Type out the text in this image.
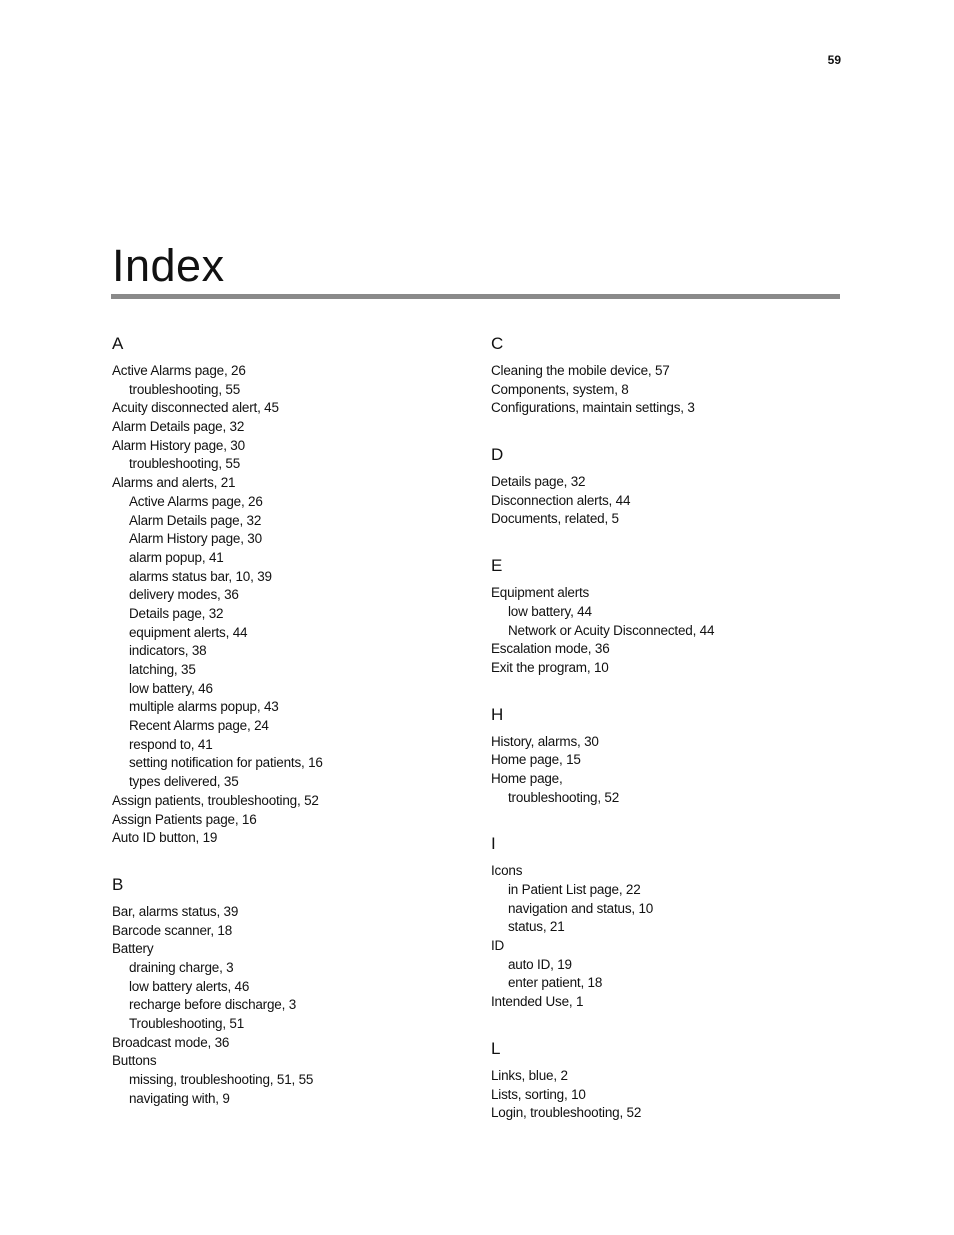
59
Index
A
Active Alarms page, 26
troubleshooting, 55
Acuity disconnected alert, 45
Alarm Details page, 32
Alarm History page, 30
troubleshooting, 55
Alarms and alerts, 21
Active Alarms page, 26
Alarm Details page, 32
Alarm History page, 30
alarm popup, 41
alarms status bar, 10, 39
delivery modes, 36
Details page, 32
equipment alerts, 44
indicators, 38
latching, 35
low battery, 46
multiple alarms popup, 43
Recent Alarms page, 24
respond to, 41
setting notification for patients, 16
types delivered, 35
Assign patients, troubleshooting, 52
Assign Patients page, 16
Auto ID button, 19
B
Bar, alarms status, 39
Barcode scanner, 18
Battery
draining charge, 3
low battery alerts, 46
recharge before discharge, 3
Troubleshooting, 51
Broadcast mode, 36
Buttons
missing, troubleshooting, 51, 55
navigating with, 9
C
Cleaning the mobile device, 57
Components, system, 8
Configurations, maintain settings, 3
D
Details page, 32
Disconnection alerts, 44
Documents, related, 5
E
Equipment alerts
low battery, 44
Network or Acuity Disconnected, 44
Escalation mode, 36
Exit the program, 10
H
History, alarms, 30
Home page, 15
Home page,
troubleshooting, 52
I
Icons
in Patient List page, 22
navigation and status, 10
status, 21
ID
auto ID, 19
enter patient, 18
Intended Use, 1
L
Links, blue, 2
Lists, sorting, 10
Login, troubleshooting, 52
